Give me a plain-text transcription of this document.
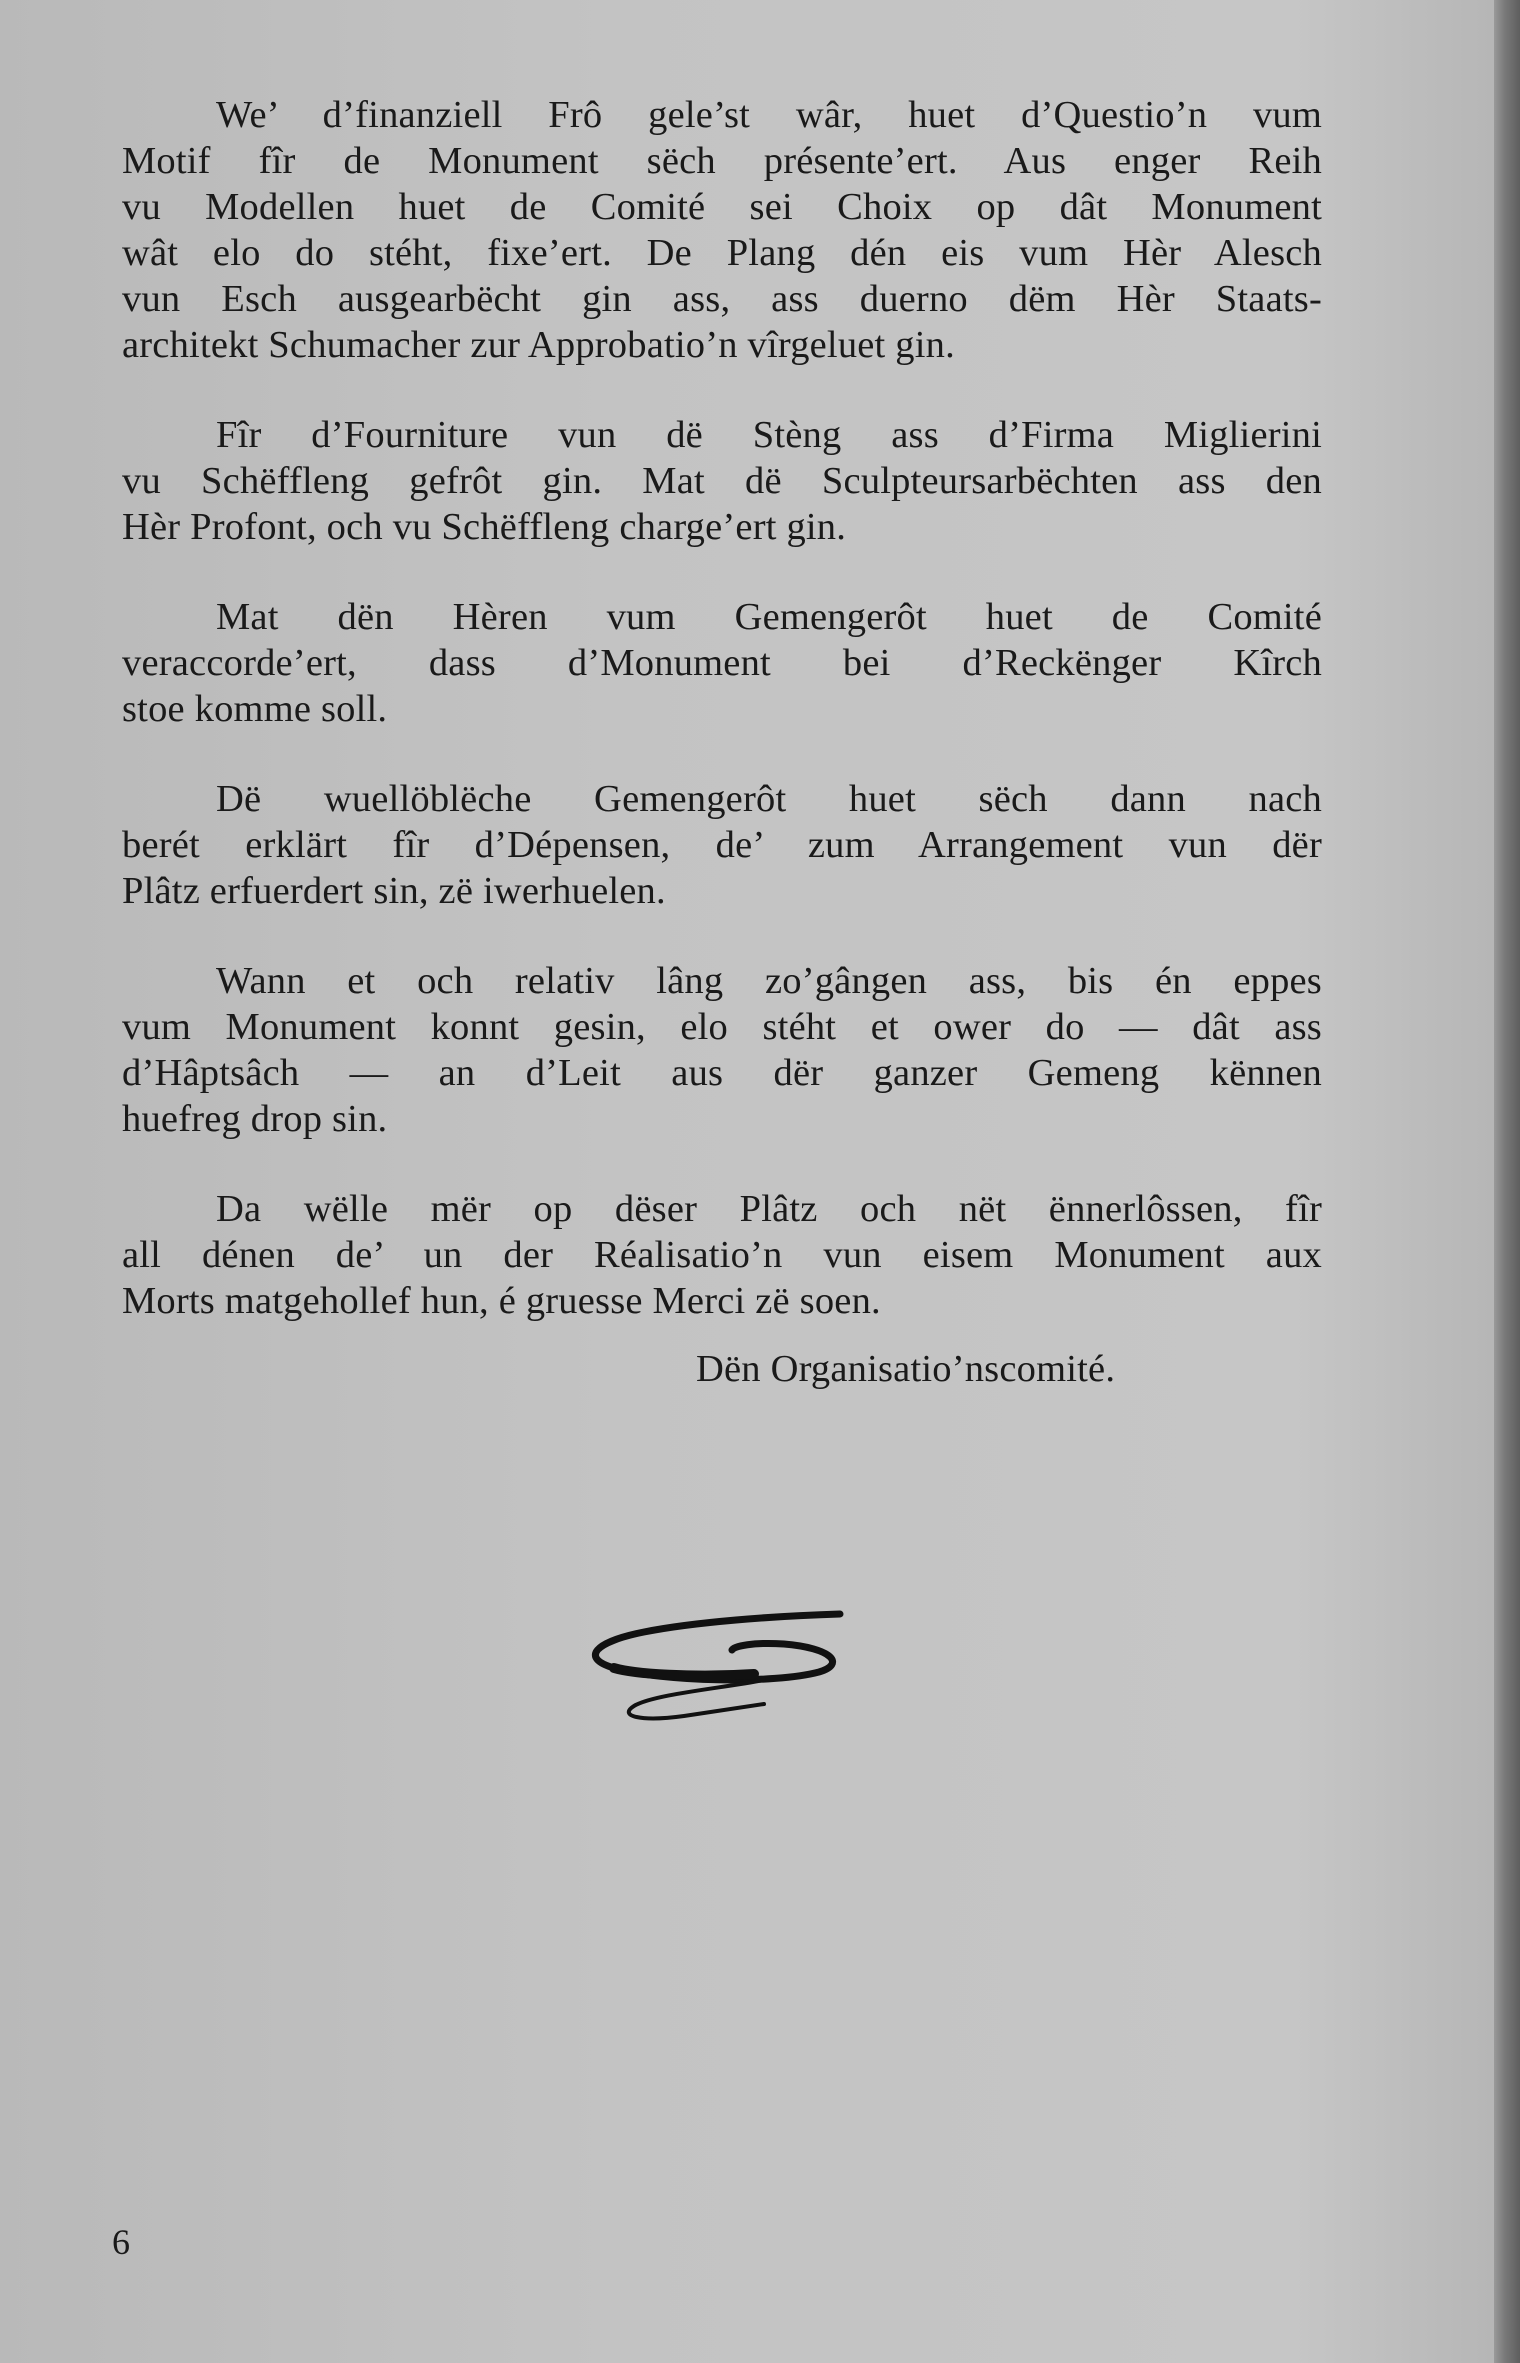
We’ d’finanziell Frô gele’st wâr, huet d’Questio’n vum
Motif fîr de Monument sëch présente’ert. Aus enger Reih
vu Modellen huet de Comité sei Choix op dât Monument
wât elo do stéht, fixe’ert. De Plang dén eis vum Hèr Alesch
vun Esch ausgearbëcht gin ass, ass duerno dëm Hèr Staats-
architekt Schumacher zur Approbatio’n vîrgeluet gin.

Fîr d’Fourniture vun dë Stèng ass d’Firma Miglierini
vu Schëffleng gefrôt gin. Mat dë Sculpteursarbëchten ass den
Hèr Profont, och vu Schëffleng charge’ert gin.

Mat dën Hèren vum Gemengerôt huet de Comité
veraccorde’ert, dass d’Monument bei d’Reckënger Kîrch
stoe komme soll.

Dë wuellöblëche Gemengerôt huet sëch dann nach
berét erklärt fîr d’Dépensen, de’ zum Arrangement vun dër
Plâtz erfuerdert sin, zë iwerhuelen.

Wann et och relativ lâng zo’gângen ass, bis én eppes
vum Monument konnt gesin, elo stéht et ower do — dât ass
d’Hâptsâch — an d’Leit aus dër ganzer Gemeng kënnen
huefreg drop sin.

Da wëlle mër op dëser Plâtz och nët ënnerlôssen, fîr
all dénen de’ un der Réalisatio’n vun eisem Monument aux
Morts matgehollef hun, é gruesse Merci zë soen.

Dën Organisatio’nscomité.
6
